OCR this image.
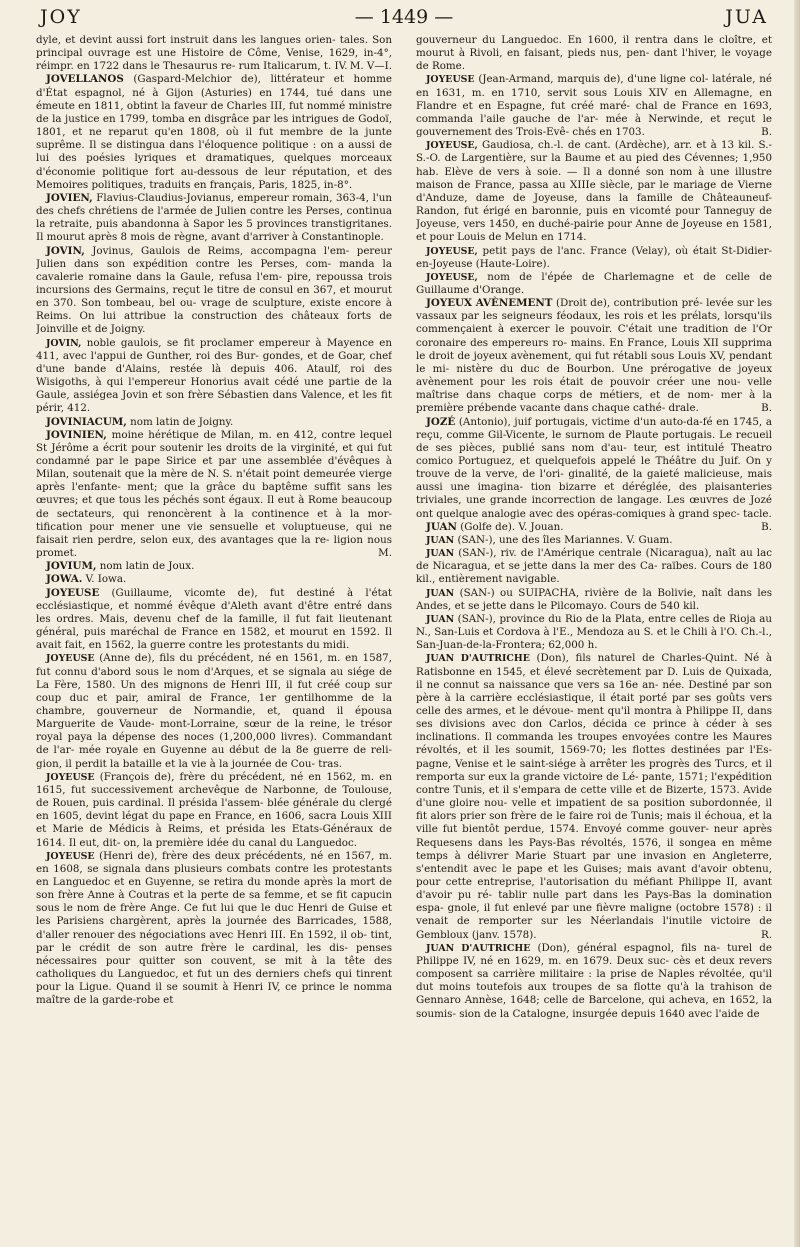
JOY	— 1449 —	JUA

dyle, et devint aussi fort instruit dans les langues orien- tales. Son principal ouvrage est une Histoire de Côme, Venise, 1629, in-4°, réimpr. en 1722 dans le Thesaurus re- rum Italicarum, t. IV. M. V—I.

JOVELLANOS (Gaspard-Melchior de), littérateur et homme d'État espagnol, né à Gijon (Asturies) en 1744, tué dans une émeute en 1811, obtint la faveur de Charles III, fut nommé ministre de la justice en 1799, tomba en disgrâce par les intrigues de Godoï, 1801, et ne reparut qu'en 1808, où il fut membre de la junte suprême. Il se distingua dans l'éloquence politique : on a aussi de lui des poésies lyriques et dramatiques, quelques morceaux d'économie politique fort au-dessous de leur réputation, et des Memoires politiques, traduits en français, Paris, 1825, in-8°.

JOVIEN, Flavius-Claudius-Jovianus, empereur romain, 363-4, l'un des chefs chrétiens de l'armée de Julien contre les Perses, continua la retraite, puis abandonna à Sapor les 5 provinces transtigritanes. Il mourut après 8 mois de règne, avant d'arriver à Constantinople.

JOVIN, Jovinus, Gaulois de Reims, accompagna l'em- pereur Julien dans son expédition contre les Perses, com- manda la cavalerie romaine dans la Gaule, refusa l'em- pire, repoussa trois incursions des Germains, reçut le titre de consul en 367, et mourut en 370. Son tombeau, bel ou- vrage de sculpture, existe encore à Reims. On lui attribue la construction des châteaux forts de Joinville et de Joigny.

JOVIN, noble gaulois, se fit proclamer empereur à Mayence en 411, avec l'appui de Gunther, roi des Bur- gondes, et de Goar, chef d'une bande d'Alains, restée là depuis 406. Ataulf, roi des Wisigoths, à qui l'empereur Honorius avait cédé une partie de la Gaule, assiégea Jovin et son frère Sébastien dans Valence, et les fit périr, 412.

JOVINIACUM, nom latin de Joigny.

JOVINIEN, moine hérétique de Milan, m. en 412, contre lequel St Jérôme a écrit pour soutenir les droits de la virginité, et qui fut condamné par le pape Sirice et par une assemblée d'évêques à Milan, soutenait que la mère de N. S. n'était point demeurée vierge après l'enfante- ment; que la grâce du baptême suffit sans les œuvres; et que tous les péchés sont égaux. Il eut à Rome beaucoup de sectateurs, qui renoncèrent à la continence et à la mor- tification pour mener une vie sensuelle et voluptueuse, qui ne faisait rien perdre, selon eux, des avantages que la re- ligion nous promet.	M.

JOVIUM, nom latin de Joux.

JOWA. V. Iowa.

JOYEUSE (Guillaume, vicomte de), fut destiné à l'état ecclésiastique, et nommé évêque d'Aleth avant d'être entré dans les ordres. Mais, devenu chef de la famille, il fut fait lieutenant général, puis maréchal de France en 1582, et mourut en 1592. Il avait fait, en 1562, la guerre contre les protestants du midi.

JOYEUSE (Anne de), fils du précédent, né en 1561, m. en 1587, fut connu d'abord sous le nom d'Arques, et se signala au siége de La Fère, 1580. Un des mignons de Henri III, il fut créé coup sur coup duc et pair, amiral de France, 1er gentilhomme de la chambre, gouverneur de Normandie, et, quand il épousa Marguerite de Vaude- mont-Lorraine, sœur de la reine, le trésor royal paya la dépense des noces (1,200,000 livres). Commandant de l'ar- mée royale en Guyenne au début de la 8e guerre de reli- gion, il perdit la bataille et la vie à la journée de Cou- tras.

JOYEUSE (François de), frère du précédent, né en 1562, m. en 1615, fut successivement archevêque de Narbonne, de Toulouse, de Rouen, puis cardinal. Il présida l'assem- blée générale du clergé en 1605, devint légat du pape en France, en 1606, sacra Louis XIII et Marie de Médicis à Reims, et présida les Etats-Généraux de 1614. Il eut, dit- on, la première idée du canal du Languedoc.

JOYEUSE (Henri de), frère des deux précédents, né en 1567, m. en 1608, se signala dans plusieurs combats contre les protestants en Languedoc et en Guyenne, se retira du monde après la mort de son frère Anne à Coutras et la perte de sa femme, et se fit capucin sous le nom de frère Ange. Ce fut lui que le duc Henri de Guise et les Parisiens chargèrent, après la journée des Barricades, 1588, d'aller renouer des négociations avec Henri III. En 1592, il ob- tint, par le crédit de son autre frère le cardinal, les dis- penses nécessaires pour quitter son couvent, se mit à la tête des catholiques du Languedoc, et fut un des derniers chefs qui tinrent pour la Ligue. Quand il se soumit à Henri IV, ce prince le nomma maître de la garde-robe et

gouverneur du Languedoc. En 1600, il rentra dans le cloître, et mourut à Rivoli, en faisant, pieds nus, pen- dant l'hiver, le voyage de Rome.

JOYEUSE (Jean-Armand, marquis de), d'une ligne col- latérale, né en 1631, m. en 1710, servit sous Louis XIV en Allemagne, en Flandre et en Espagne, fut créé maré- chal de France en 1693, commanda l'aile gauche de l'ar- mée à Nerwinde, et reçut le gouvernement des Trois-Evê- chés en 1703.	B.

JOYEUSE, Gaudiosa, ch.-l. de cant. (Ardèche), arr. et à 13 kil. S.-S.-O. de Largentière, sur la Baume et au pied des Cévennes; 1,950 hab. Elève de vers à soie. — Il a donné son nom à une illustre maison de France, passa au XIIIe siècle, par le mariage de Vierne d'Anduze, dame de Joyeuse, dans la famille de Châteauneuf-Randon, fut érigé en baronnie, puis en vicomté pour Tanneguy de Joyeuse, vers 1450, en duché-pairie pour Anne de Joyeuse en 1581, et pour Louis de Melun en 1714.

JOYEUSE, petit pays de l'anc. France (Velay), où était St-Didier-en-Joyeuse (Haute-Loire).

JOYEUSE, nom de l'épée de Charlemagne et de celle de Guillaume d'Orange.

JOYEUX AVÈNEMENT (Droit de), contribution pré- levée sur les vassaux par les seigneurs féodaux, les rois et les prélats, lorsqu'ils commençaient à exercer le pouvoir. C'était une tradition de l'Or coronaire des empereurs ro- mains. En France, Louis XII supprima le droit de joyeux avènement, qui fut rétabli sous Louis XV, pendant le mi- nistère du duc de Bourbon. Une prérogative de joyeux avènement pour les rois était de pouvoir créer une nou- velle maîtrise dans chaque corps de métiers, et de nom- mer à la première prébende vacante dans chaque cathé- drale.	B.

JOZÉ (Antonio), juif portugais, victime d'un auto-da-fé en 1745, a reçu, comme Gil-Vicente, le surnom de Plaute portugais. Le recueil de ses pièces, publié sans nom d'au- teur, est intitulé Theatro comico Portuguez, et quelquefois appelé le Théâtre du Juif. On y trouve de la verve, de l'ori- ginalité, de la gaieté malicieuse, mais aussi une imagina- tion bizarre et déréglée, des plaisanteries triviales, une grande incorrection de langage. Les œuvres de Jozé ont quelque analogie avec des opéras-comiques à grand spec- tacle.
B.

JUAN (Golfe de). V. Jouan.

JUAN (SAN-), une des îles Mariannes. V. Guam.

JUAN (SAN-), riv. de l'Amérique centrale (Nicaragua), naît au lac de Nicaragua, et se jette dans la mer des Ca- raïbes. Cours de 180 kil., entièrement navigable.

JUAN (SAN-) ou SUIPACHA, rivière de la Bolivie, naît dans les Andes, et se jette dans le Pilcomayo. Cours de 540 kil.

JUAN (SAN-), province du Rio de la Plata, entre celles de Rioja au N., San-Luis et Cordova à l'E., Mendoza au S. et le Chili à l'O. Ch.-l., San-Juan-de-la-Frontera; 62,000 h.

JUAN D'AUTRICHE (Don), fils naturel de Charles-Quint. Né à Ratisbonne en 1545, et élevé secrètement par D. Luis de Quixada, il ne connut sa naissance que vers sa 16e an- née. Destiné par son père à la carrière ecclésiastique, il était porté par ses goûts vers celle des armes, et le dévoue- ment qu'il montra à Philippe II, dans ses divisions avec don Carlos, décida ce prince à céder à ses inclinations. Il commanda les troupes envoyées contre les Maures révoltés, et il les soumit, 1569-70; les flottes destinées par l'Es- pagne, Venise et le saint-siége à arrêter les progrès des Turcs, et il remporta sur eux la grande victoire de Lé- pante, 1571; l'expédition contre Tunis, et il s'empara de cette ville et de Bizerte, 1573. Avide d'une gloire nou- velle et impatient de sa position subordonnée, il fit alors prier son frère de le faire roi de Tunis; mais il échoua, et la ville fut bientôt perdue, 1574. Envoyé comme gouver- neur après Requesens dans les Pays-Bas révoltés, 1576, il songea en même temps à délivrer Marie Stuart par une invasion en Angleterre, s'entendit avec le pape et les Guises; mais avant d'avoir obtenu, pour cette entreprise, l'autorisation du méfiant Philippe II, avant d'avoir pu ré- tablir nulle part dans les Pays-Bas la domination espa- gnole, il fut enlevé par une fièvre maligne (octobre 1578) : il venait de remporter sur les Néerlandais l'inutile victoire de Gembloux (janv. 1578).	R.

JUAN D'AUTRICHE (Don), général espagnol, fils na- turel de Philippe IV, né en 1629, m. en 1679. Deux suc- cès et deux revers composent sa carrière militaire : la prise de Naples révoltée, qu'il dut moins toutefois aux troupes de sa flotte qu'à la trahison de Gennaro Annèse, 1648; celle de Barcelone, qui acheva, en 1652, la soumis- sion de la Catalogne, insurgée depuis 1640 avec l'aide de
